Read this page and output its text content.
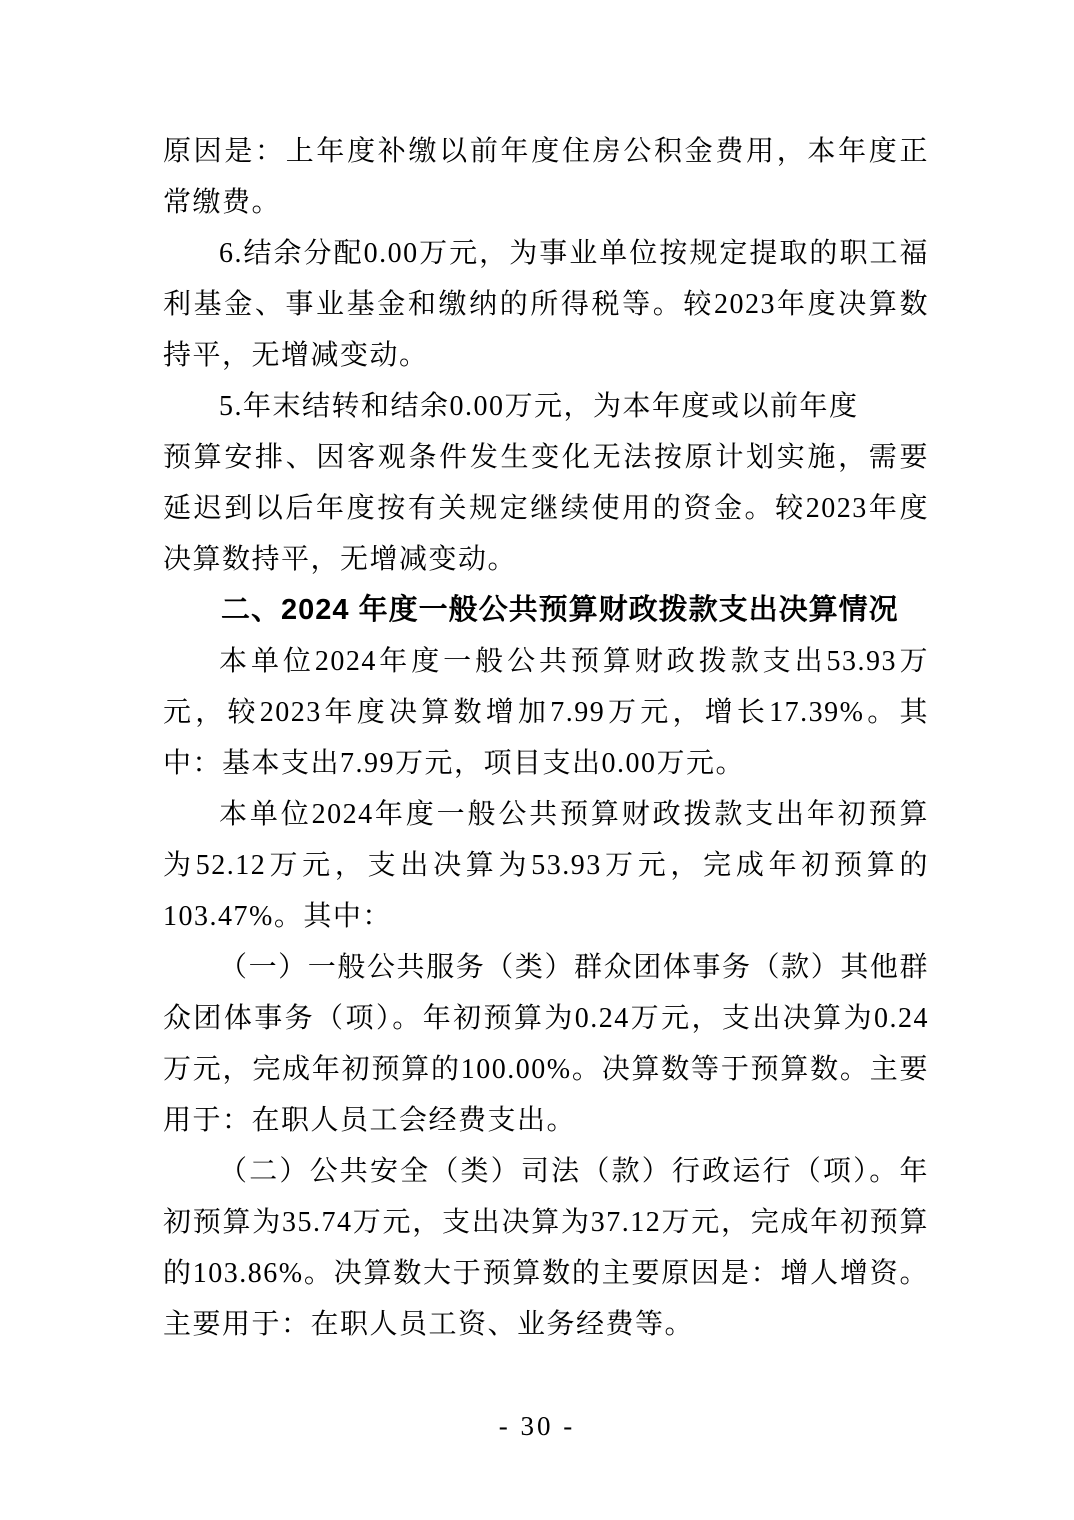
原因是：上年度补缴以前年度住房公积金费用，本年度正常缴费。

6.结余分配0.00万元，为事业单位按规定提取的职工福利基金、事业基金和缴纳的所得税等。较2023年度决算数持平，无增减变动。

5.年末结转和结余0.00万元，为本年度或以前年度

预算安排、因客观条件发生变化无法按原计划实施，需要延迟到以后年度按有关规定继续使用的资金。较2023年度决算数持平，无增减变动。

二、2024 年度一般公共预算财政拨款支出决算情况

本单位2024年度一般公共预算财政拨款支出53.93万元，较2023年度决算数增加7.99万元，增长17.39%。其中：基本支出7.99万元，项目支出0.00万元。

本单位2024年度一般公共预算财政拨款支出年初预算为52.12万元，支出决算为53.93万元，完成年初预算的103.47%。其中：

（一）一般公共服务（类）群众团体事务（款）其他群众团体事务（项）。年初预算为0.24万元，支出决算为0.24万元，完成年初预算的100.00%。决算数等于预算数。主要用于：在职人员工会经费支出。

（二）公共安全（类）司法（款）行政运行（项）。年初预算为35.74万元，支出决算为37.12万元，完成年初预算的103.86%。决算数大于预算数的主要原因是：增人增资。主要用于：在职人员工资、业务经费等。

- 30 -
